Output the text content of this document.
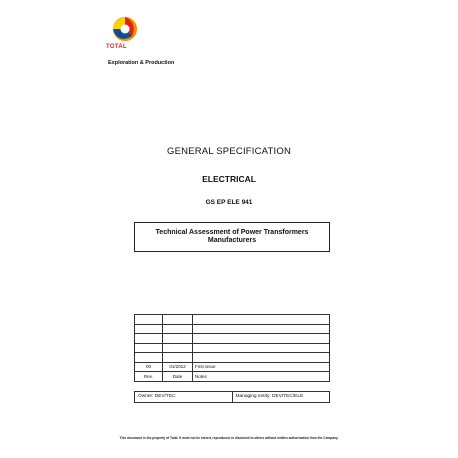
TOTAL
Exploration & Production
GENERAL SPECIFICATION
ELECTRICAL
GS EP ELE 941
Technical Assessment of Power Transformers
Manufacturers

00	01/2012	First issue
Rev.	Date	Notes
Owner: DEV/TEC	Managing entity: DEV/TEC/ELE
This document is the property of Total. It must not be stored, reproduced or disclosed to others without written authorisation from the Company.
